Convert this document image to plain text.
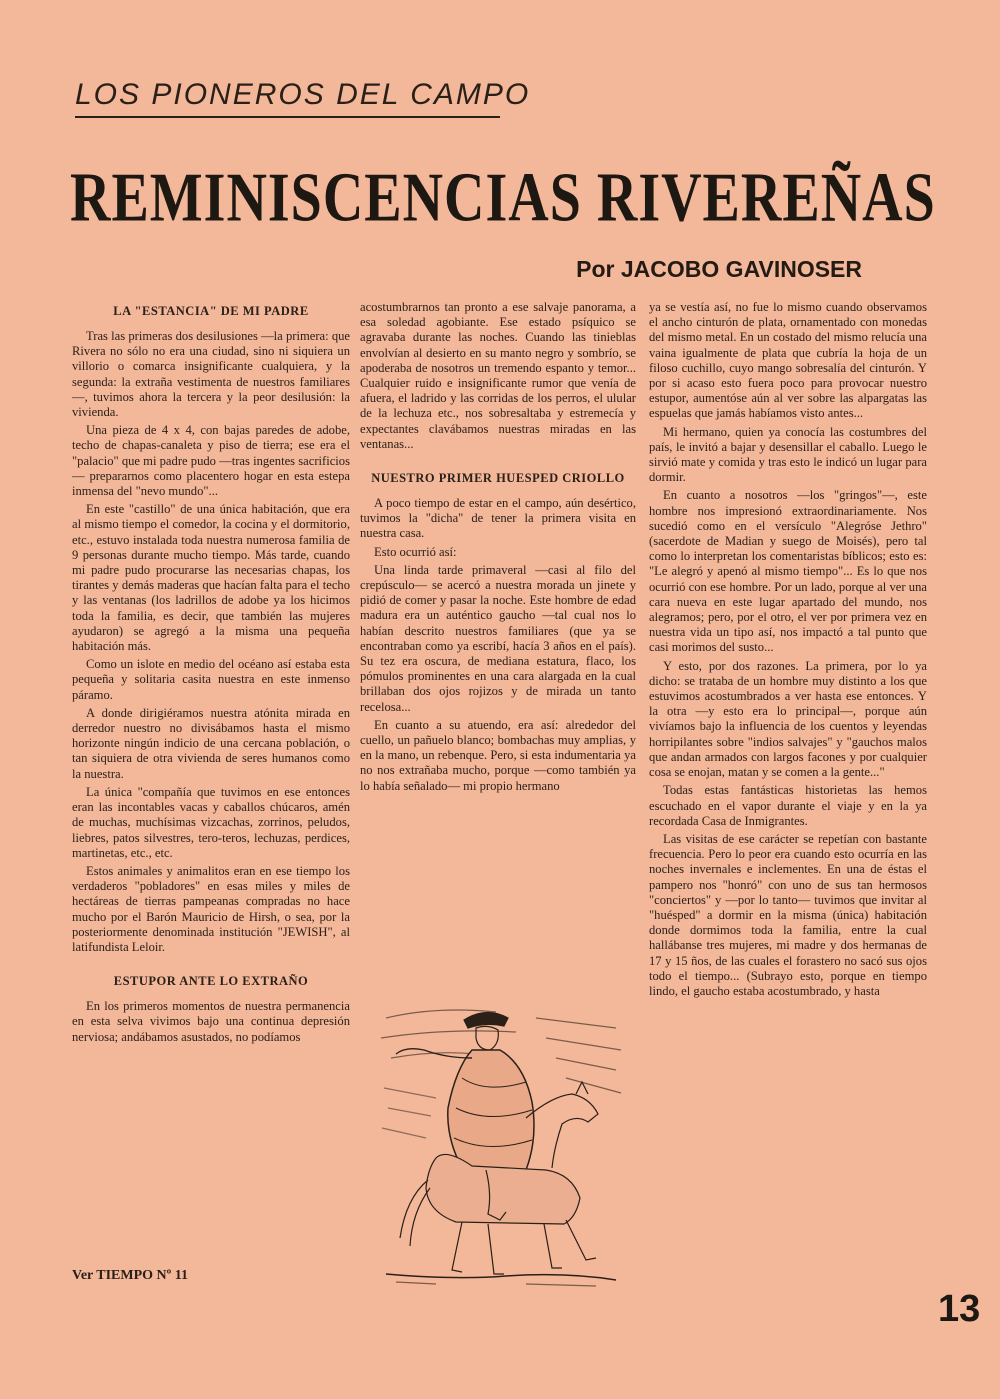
LOS PIONEROS DEL CAMPO
REMINISCENCIAS RIVEREÑAS
Por JACOBO GAVINOSER
LA "ESTANCIA" DE MI PADRE

Tras las primeras dos desilusiones —la primera: que Rivera no sólo no era una ciudad, sino ni siquiera un villorio o comarca insignificante cualquiera, y la segunda: la extraña vestimenta de nuestros familiares—, tuvimos ahora la tercera y la peor desilusión: la vivienda.

Una pieza de 4 x 4, con bajas paredes de adobe, techo de chapas-canaleta y piso de tierra; ese era el "palacio" que mi padre pudo —tras ingentes sacrificios— prepararnos como placentero hogar en esta estepa inmensa del "nevo mundo"...

En este "castillo" de una única habitación, que era al mismo tiempo el comedor, la cocina y el dormitorio, etc., estuvo instalada toda nuestra numerosa familia de 9 personas durante mucho tiempo. Más tarde, cuando mi padre pudo procurarse las necesarias chapas, los tirantes y demás maderas que hacían falta para el techo y las ventanas (los ladrillos de adobe ya los hicimos toda la familia, es decir, que también las mujeres ayudaron) se agregó a la misma una pequeña habitación más.

Como un islote en medio del océano así estaba esta pequeña y solitaria casita nuestra en este inmenso páramo.

A donde dirigiéramos nuestra atónita mirada en derredor nuestro no divisábamos hasta el mismo horizonte ningún indicio de una cercana población, o tan siquiera de otra vivienda de seres humanos como la nuestra.

La única "compañía que tuvimos en ese entonces eran las incontables vacas y caballos chúcaros, amén de muchas, muchísimas vizcachas, zorrinos, peludos, liebres, patos silvestres, tero-teros, lechuzas, perdices, martinetas, etc., etc.

Estos animales y animalitos eran en ese tiempo los verdaderos "pobladores" en esas miles y miles de hectáreas de tierras pampeanas compradas no hace mucho por el Barón Mauricio de Hirsh, o sea, por la posteriormente denominada institución "JEWISH", al latifundista Leloir.

ESTUPOR ANTE LO EXTRAÑO

En los primeros momentos de nuestra permanencia en esta selva vivimos bajo una continua depresión nerviosa; andábamos asustados, no podíamos

acostumbrarnos tan pronto a ese salvaje panorama, a esa soledad agobiante. Ese estado psíquico se agravaba durante las noches. Cuando las tinieblas envolvían al desierto en su manto negro y sombrío, se apoderaba de nosotros un tremendo espanto y temor... Cualquier ruido e insignificante rumor que venía de afuera, el ladrido y las corridas de los perros, el ulular de la lechuza etc., nos sobresaltaba y estremecía y expectantes clavábamos nuestras miradas en las ventanas...

NUESTRO PRIMER HUESPED CRIOLLO

A poco tiempo de estar en el campo, aún desértico, tuvimos la "dicha" de tener la primera visita en nuestra casa.

Esto ocurrió así:

Una linda tarde primaveral —casi al filo del crepúsculo— se acercó a nuestra morada un jinete y pidió de comer y pasar la noche. Este hombre de edad madura era un auténtico gaucho —tal cual nos lo habían descrito nuestros familiares (que ya se encontraban como ya escribí, hacía 3 años en el país). Su tez era oscura, de mediana estatura, flaco, los pómulos prominentes en una cara alargada en la cual brillaban dos ojos rojizos y de mirada un tanto recelosa...

En cuanto a su atuendo, era así: alrededor del cuello, un pañuelo blanco; bombachas muy amplias, y en la mano, un rebenque. Pero, si esta indumentaria ya no nos extrañaba mucho, porque —como también ya lo había señalado— mi propio hermano

ya se vestía así, no fue lo mismo cuando observamos el ancho cinturón de plata, ornamentado con monedas del mismo metal. En un costado del mismo relucía una vaina igualmente de plata que cubría la hoja de un filoso cuchillo, cuyo mango sobresalía del cinturón. Y por si acaso esto fuera poco para provocar nuestro estupor, aumentóse aún al ver sobre las alpargatas las espuelas que jamás habíamos visto antes...

Mi hermano, quien ya conocía las costumbres del país, le invitó a bajar y desensillar el caballo. Luego le sirvió mate y comida y tras esto le indicó un lugar para dormir.

En cuanto a nosotros —los "gringos"—, este hombre nos impresionó extraordinariamente. Nos sucedió como en el versículo "Alegróse Jethro" (sacerdote de Madian y suego de Moisés), pero tal como lo interpretan los comentaristas bíblicos; esto es: "Le alegró y apenó al mismo tiempo"... Es lo que nos ocurrió con ese hombre. Por un lado, porque al ver una cara nueva en este lugar apartado del mundo, nos alegramos; pero, por el otro, el ver por primera vez en nuestra vida un tipo así, nos impactó a tal punto que casi morimos del susto...

Y esto, por dos razones. La primera, por lo ya dicho: se trataba de un hombre muy distinto a los que estuvimos acostumbrados a ver hasta ese entonces. Y la otra —y esto era lo principal—, porque aún vivíamos bajo la influencia de los cuentos y leyendas horripilantes sobre "indios salvajes" y "gauchos malos que andan armados con largos facones y por cualquier cosa se enojan, matan y se comen a la gente..."

Todas estas fantásticas historietas las hemos escuchado en el vapor durante el viaje y en la ya recordada Casa de Inmigrantes.

Las visitas de ese carácter se repetían con bastante frecuencia. Pero lo peor era cuando esto ocurría en las noches invernales e inclementes. En una de éstas el pampero nos "honró" con uno de sus tan hermosos "conciertos" y —por lo tanto— tuvimos que invitar al "huésped" a dormir en la misma (única) habitación donde dormimos toda la familia, entre la cual hallábanse tres mujeres, mi madre y dos hermanas de 17 y 15 ños, de las cuales el forastero no sacó sus ojos todo el tiempo... (Subrayo esto, porque en tiempo lindo, el gaucho estaba acostumbrado, y hasta

Ver TIEMPO Nº 11
13
